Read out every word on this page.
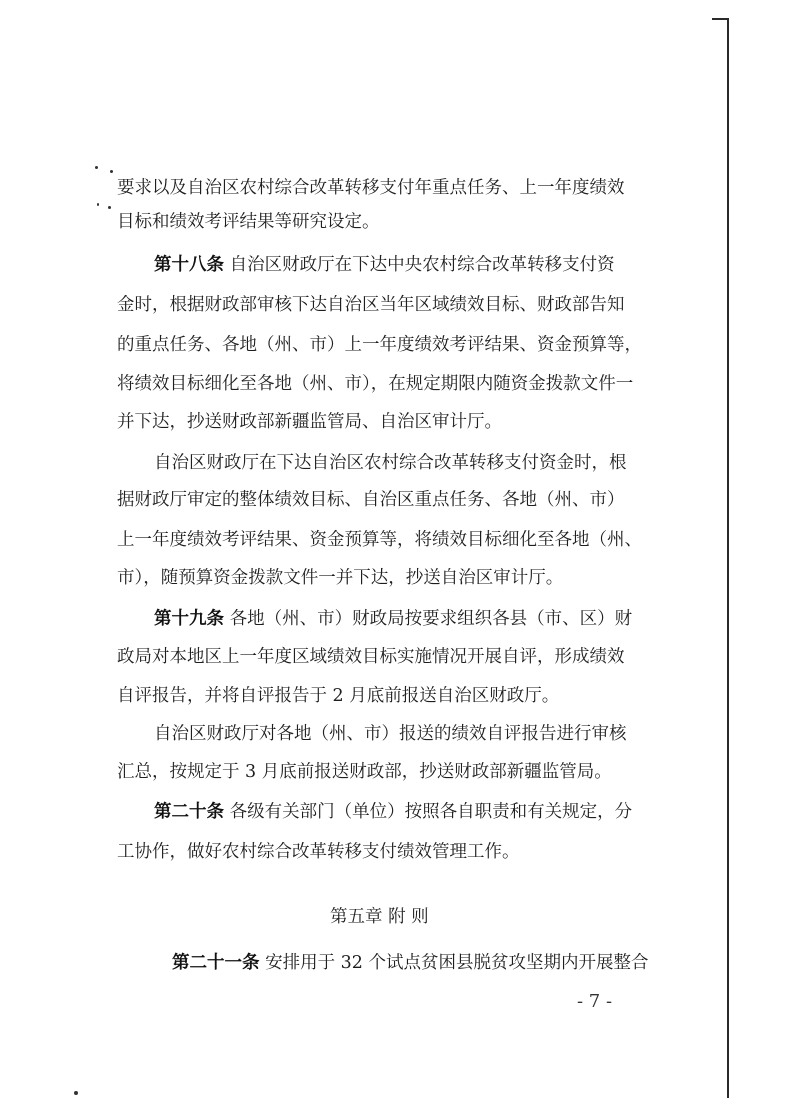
要求以及自治区农村综合改革转移支付年重点任务、上一年度绩效

目标和绩效考评结果等研究设定。

第十八条 自治区财政厅在下达中央农村综合改革转移支付资

金时，根据财政部审核下达自治区当年区域绩效目标、财政部告知

的重点任务、各地（州、市）上一年度绩效考评结果、资金预算等，

将绩效目标细化至各地（州、市），在规定期限内随资金拨款文件一

并下达，抄送财政部新疆监管局、自治区审计厅。

自治区财政厅在下达自治区农村综合改革转移支付资金时，根

据财政厅审定的整体绩效目标、自治区重点任务、各地（州、市）

上一年度绩效考评结果、资金预算等，将绩效目标细化至各地（州、

市），随预算资金拨款文件一并下达，抄送自治区审计厅。

第十九条 各地（州、市）财政局按要求组织各县（市、区）财

政局对本地区上一年度区域绩效目标实施情况开展自评，形成绩效

自评报告，并将自评报告于 2 月底前报送自治区财政厅。

自治区财政厅对各地（州、市）报送的绩效自评报告进行审核

汇总，按规定于 3 月底前报送财政部，抄送财政部新疆监管局。

第二十条 各级有关部门（单位）按照各自职责和有关规定，分

工协作，做好农村综合改革转移支付绩效管理工作。

第五章 附 则

第二十一条 安排用于 32 个试点贫困县脱贫攻坚期内开展整合

- 7 -
